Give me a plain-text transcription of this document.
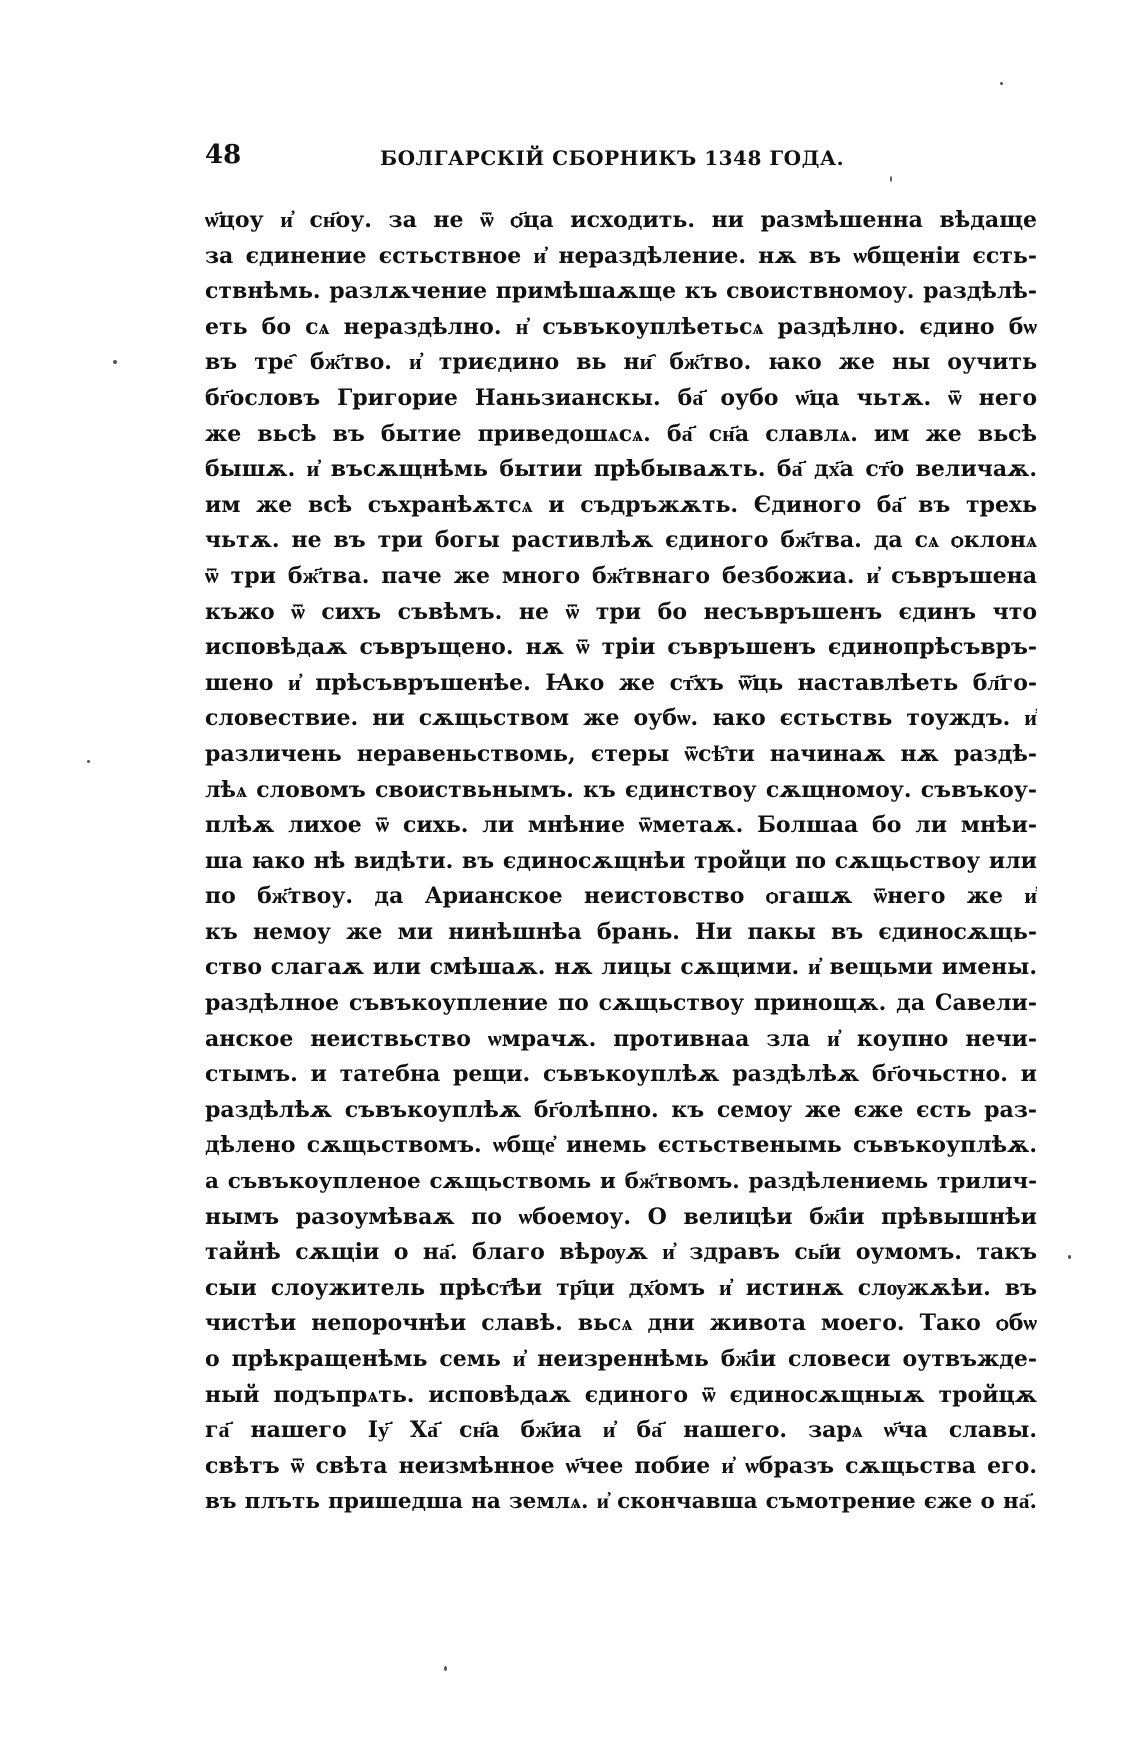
48	БОЛГАРСКІЙ СБОРНИКЪ 1348 ГОДА.
ѡ҃цоу и҆ сн҃оу. за не ѿ ѻ҃ца исходить. ни размѣшенна вѣдаще
за єдинение єстьствное и҆ нераздѣление. нѫ въ ѡбщеніи єсть-
ствнѣмь. разлѫчение примѣшаѫще къ своиствномоу. раздѣлѣ-
еть бо сѧ нераздѣлно. н҆ съвъкоуплѣетьсѧ раздѣлно. єдино бѡ
въ тре҄ бж҃тво. и҆ триєдино вь ни҄ бж҃тво. ꙗко же ны оучить
бг҃ословъ Григорие Наньзианскы. ба҃ оубо ѡ҃ца чьтѫ. ѿ него
же вьсѣ въ бытие приведошѧсѧ. ба҃ сн҃а славлѧ. им же вьсѣ
бышѫ. и҆ въсѫщнѣмь бытии прѣбываѫть. ба҃ дх҃а ст҃о величаѫ.
им же всѣ съхранѣѫтсѧ и съдръжѫть. Єдиного ба҃ въ трехь
чьтѫ. не въ три богы растивлѣѫ єдиного бж҃тва. да сѧ ѻклонѧ
ѿ три бж҃тва. паче же много бж҃твнаго безбожиа. и҆ съвръшена
къжо ѿ сихъ съвѣмъ. не ѿ три бо несъвръшенъ єдинъ что
исповѣдаѫ съвръщено. нѫ ѿ тріи съвръшенъ єдинопрѣсъвръ-
шено и҆ прѣсъвръшенѣе. Ꙗко же ст҃хъ ѿ҃ць наставлѣеть бл҃го-
словествие. ни сѫщьством же оубѡ. ꙗко єстьствь тоуждъ. и҆
различень неравеньствомь, єтеры ѿсѣ҄ти начинаѫ нѫ раздѣ-
лѣѧ словомъ своиствьнымъ. къ єдинствоу сѫщномоу. съвъкоу-
плѣѫ лихое ѿ сихь. ли мнѣние ѿметаѫ. Болшаа бо ли мнѣи-
ша ꙗко нѣ видѣти. въ єдиносѫщнѣи тройци по сѫщьствоу или
по бж҃твоу. да Арианское неистовство ѻгашѫ ѿнего же и҆
къ немоу же ми нинѣшнѣа брань. Ни пакы въ єдиносѫщь-
ство слагаѫ или смѣшаѫ. нѫ лицы сѫщими. и҆ вещьми имены.
раздѣлное съвъкоупление по сѫщьствоу принощѫ. да Савели-
анское неиствьство ѡмрачѫ. противнаа зла и҆ коупно нечи-
стымъ. и татебна рещи. съвъкоуплѣѫ раздѣлѣѫ бг҃очьстно. и
раздѣлѣѫ съвъкоуплѣѫ бг҃олѣпно. къ семоу же єже єсть раз-
дѣлено сѫщьствомъ. ѡбще҆ инемь єстьственымь съвъкоуплѣѫ.
а съвъкоупленое сѫщьствомь и бж҃твомъ. раздѣлениемь трилич-
нымъ разоумѣваѫ по ѡбоемоу. О велицѣи бж҃іи прѣвышнѣи
тайнѣ сѫщіи о на҃. благо вѣрѹѫ и҆ здравъ сы҃и оумомъ. такъ
сыи слоужитель прѣст҃ѣи тр҃ци дх҃омъ и҆ истинѫ слѹжѫѣи. въ
чистѣи непорочнѣи славѣ. вьсѧ дни живота моего. Тако ѻбѡ
о прѣкращенѣмь семь и҆ неизреннѣмь бж҃іи словеси оутвъжде-
ный подъпрѧть. исповѣдаѫ єдиного ѿ єдиносѫщныѫ тройцѫ
га҃ нашего Іу҃ Ха҃ сн҃а бж҃иа и҆ ба҃ нашего. зарѧ ѡ҃ча славы.
свѣтъ ѿ свѣта неизмѣнное ѡ҃чее побие и҆ ѡбразъ сѫщьства его.
въ плъть пришедша на землѧ. и҆ скончавша съмотрение єже о на҃.
